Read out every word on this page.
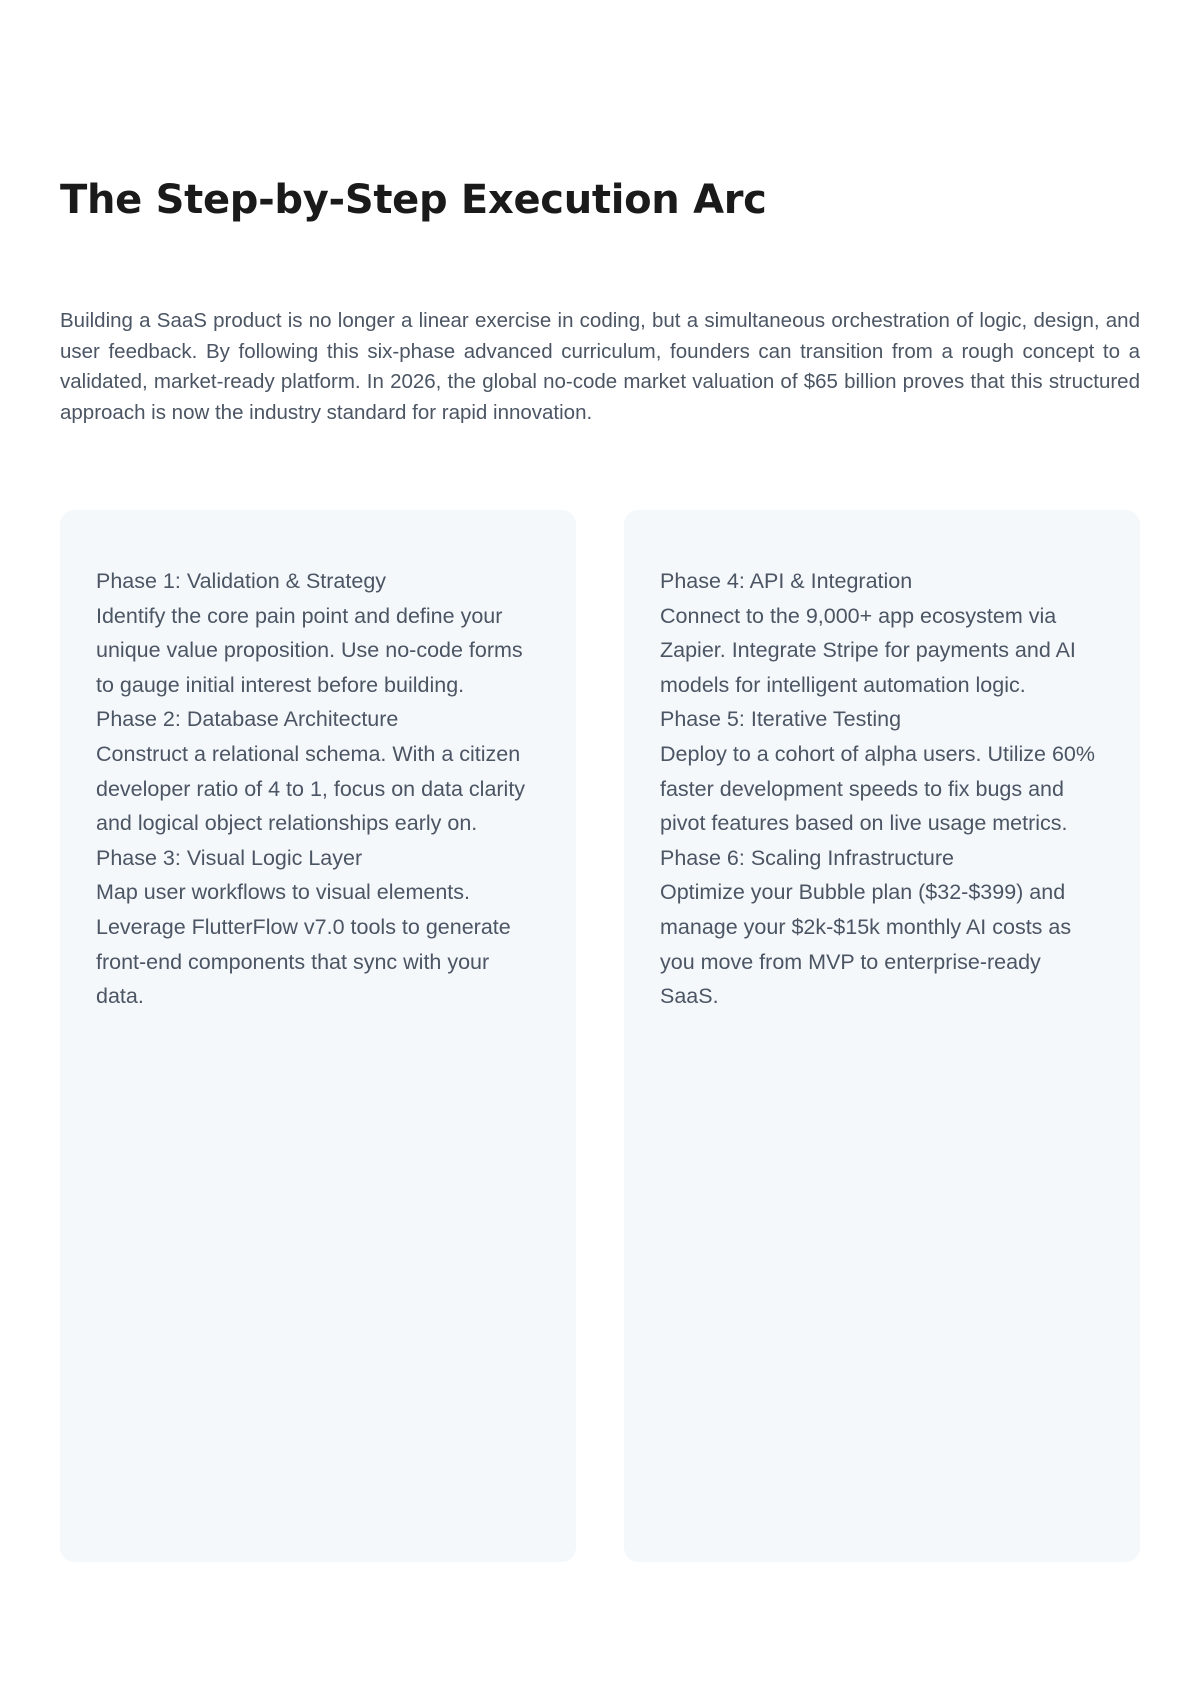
The Step-by-Step Execution Arc

Building a SaaS product is no longer a linear exercise in coding, but a simultaneous orchestration of logic, design, and user feedback. By following this six-phase advanced curriculum, founders can transition from a rough concept to a validated, market-ready platform. In 2026, the global no-code market valuation of $65 billion proves that this structured approach is now the industry standard for rapid innovation.

Phase 1: Validation & Strategy
Identify the core pain point and define your unique value proposition. Use no-code forms to gauge initial interest before building.
Phase 2: Database Architecture
Construct a relational schema. With a citizen developer ratio of 4 to 1, focus on data clarity and logical object relationships early on.
Phase 3: Visual Logic Layer
Map user workflows to visual elements. Leverage FlutterFlow v7.0 tools to generate front-end components that sync with your data.
Phase 4: API & Integration
Connect to the 9,000+ app ecosystem via Zapier. Integrate Stripe for payments and AI models for intelligent automation logic.
Phase 5: Iterative Testing
Deploy to a cohort of alpha users. Utilize 60% faster development speeds to fix bugs and pivot features based on live usage metrics.
Phase 6: Scaling Infrastructure
Optimize your Bubble plan ($32-$399) and manage your $2k-$15k monthly AI costs as you move from MVP to enterprise-ready SaaS.
